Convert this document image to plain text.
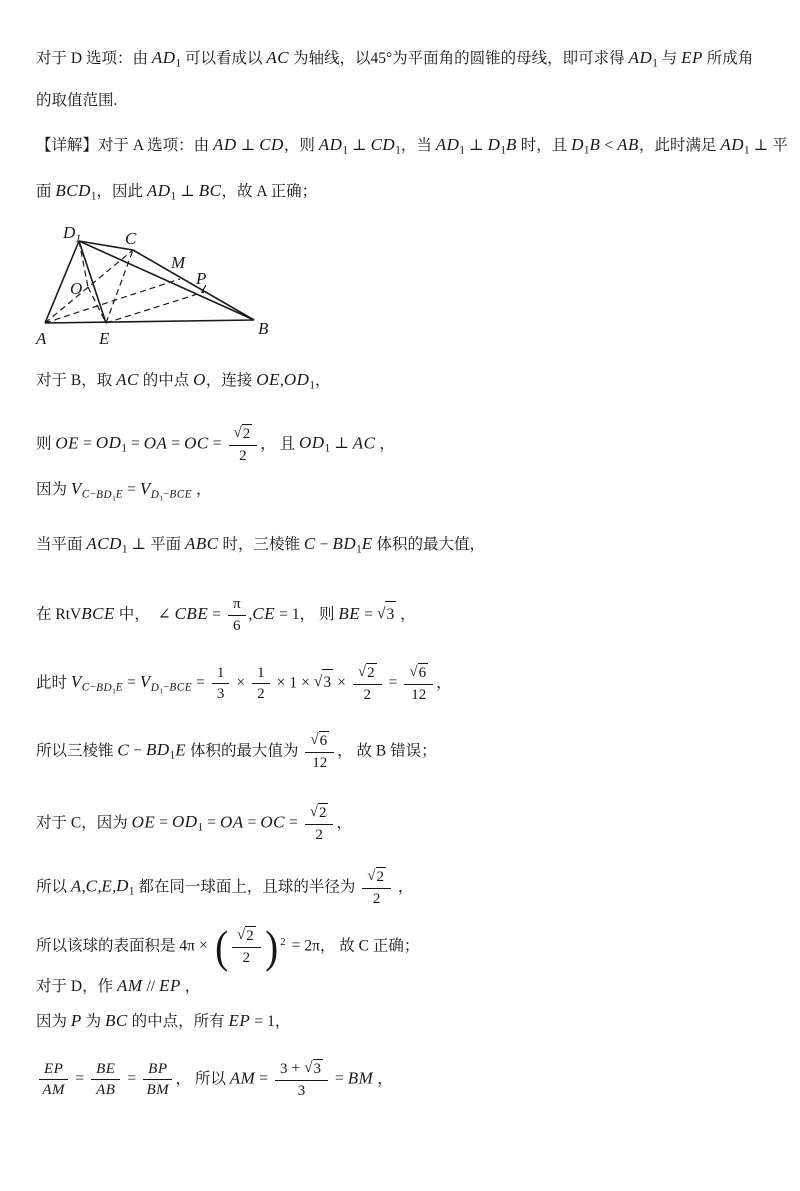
$D_1$	C
O
A	E
B
M
P
对于 D 选项：由 $AD_1$ 可以看成以 AC 为轴线，以45°为平面角的圆锥的母线，即可求得 $AD_1$ 与 EP 所成角
的取值范围.
【详解】对于 A 选项：由 AD ⊥ CD，则 $AD_1$ ⊥ $CD_1$，当 $AD_1$ ⊥ $D_1B$ 时，且 $D_1B$ < AB，此时满足 $AD_1$ ⊥ 平
面 $BCD_1$，因此 $AD_1$ ⊥ BC，故 A 正确；
对于 B，取 AC 的中点 O，连接 $OE,OD_1$，
则 OE = $OD_1$ = OA = OC = $\frac{√2}{2}$ ， 且 $OD_1$ ⊥ AC ，
因为 $V_{C-BD_1E} = V_{D_1-BCE}$ ，
当平面 $ACD_1$ ⊥ 平面 ABC 时，三棱锥 $C - BD_1E$ 体积的最大值，
在 RtVBCE 中， ∠ CBE = $\frac{\pi}{6} ,CE = 1$， 则 BE = √3 ，
此时 $V_{C-BD_1E} = V_{D_1-BCE} = \frac{1}{3} \times \frac{1}{2} \times 1 \times √3 \times \frac{√2}{2} = \frac{√6}{12}$ ，
所以三棱锥 $C - BD_1E$ 体积的最大值为 $\frac{√6}{12}$ ， 故 B 错误；
对于 C，因为 OE = $OD_1$ = OA = OC = $\frac{√2}{2}$ ，
所以 $A,C,E,D_1$ 都在同一球面上，且球的半径为 $\frac{√2}{2}$ ，
所以该球的表面积是 4π × ( $\frac{√2}{2}$ ) 2 = 2π， 故 C 正确；
对于 D，作 AM // EP ，
因为 P 为 BC 的中点，所有 EP = 1，
$\frac{EP}{AM} = \frac{BE}{AB} = \frac{BP}{BM}$ ， 所以 AM = $\frac{3 + √3}{3}$ = BM ，
